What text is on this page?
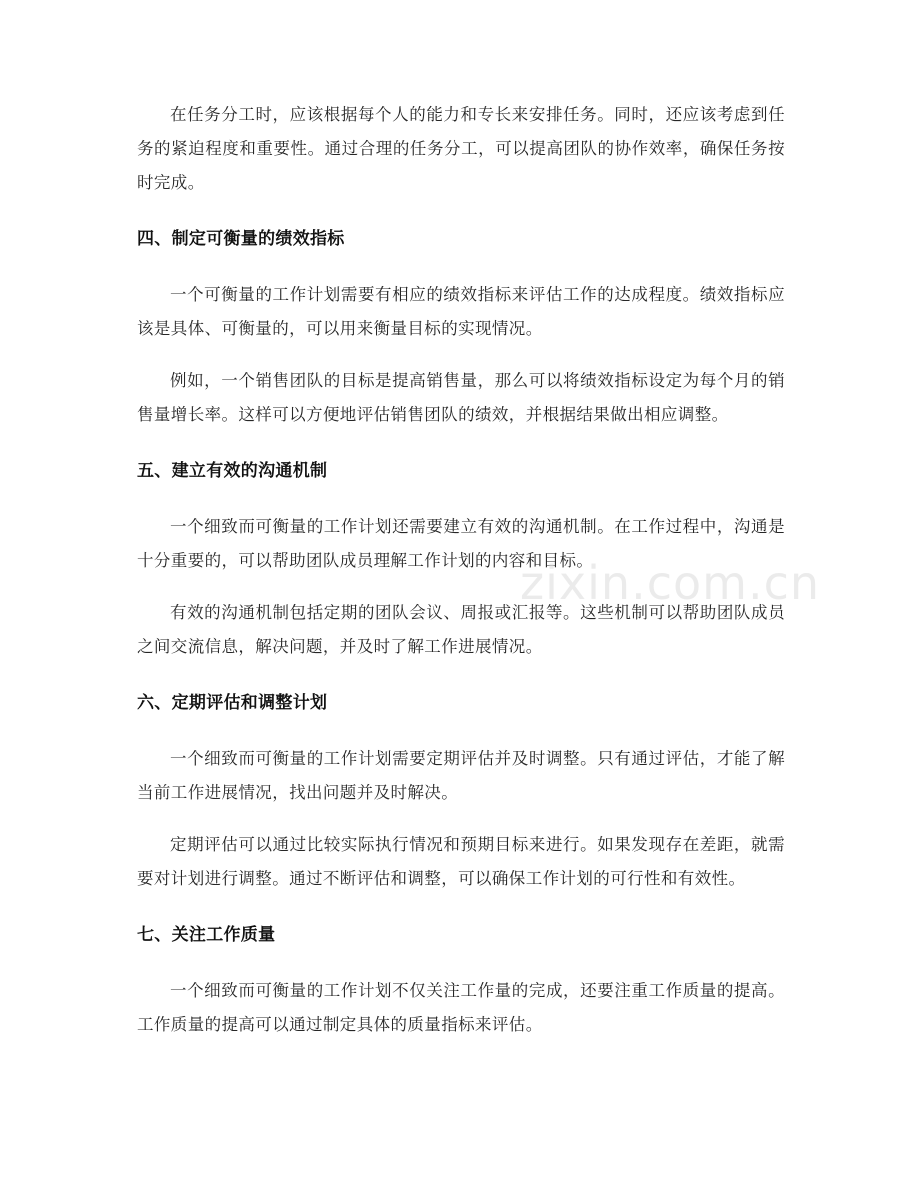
在任务分工时，应该根据每个人的能力和专长来安排任务。同时，还应该考虑到任务的紧迫程度和重要性。通过合理的任务分工，可以提高团队的协作效率，确保任务按时完成。

四、制定可衡量的绩效指标

一个可衡量的工作计划需要有相应的绩效指标来评估工作的达成程度。绩效指标应该是具体、可衡量的，可以用来衡量目标的实现情况。

例如，一个销售团队的目标是提高销售量，那么可以将绩效指标设定为每个月的销售量增长率。这样可以方便地评估销售团队的绩效，并根据结果做出相应调整。

五、建立有效的沟通机制

一个细致而可衡量的工作计划还需要建立有效的沟通机制。在工作过程中，沟通是十分重要的，可以帮助团队成员理解工作计划的内容和目标。

有效的沟通机制包括定期的团队会议、周报或汇报等。这些机制可以帮助团队成员之间交流信息，解决问题，并及时了解工作进展情况。

六、定期评估和调整计划

一个细致而可衡量的工作计划需要定期评估并及时调整。只有通过评估，才能了解当前工作进展情况，找出问题并及时解决。

定期评估可以通过比较实际执行情况和预期目标来进行。如果发现存在差距，就需要对计划进行调整。通过不断评估和调整，可以确保工作计划的可行性和有效性。

七、关注工作质量

一个细致而可衡量的工作计划不仅关注工作量的完成，还要注重工作质量的提高。工作质量的提高可以通过制定具体的质量指标来评估。

zixin.com.cn
